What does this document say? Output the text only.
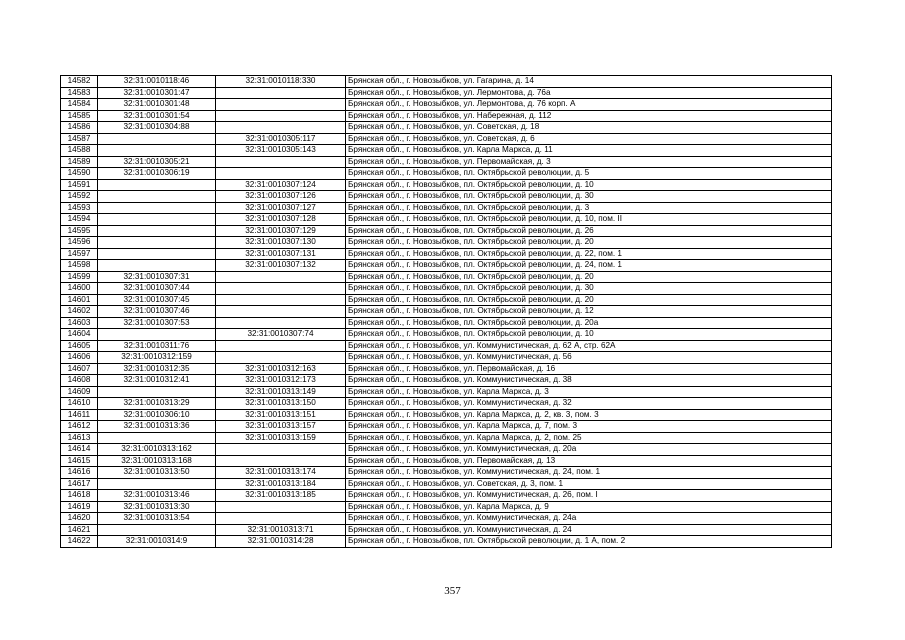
14582	32:31:0010118:46	32:31:0010118:330	Брянская обл., г. Новозыбков, ул. Гагарина, д. 14
14583	32:31:0010301:47		Брянская обл., г. Новозыбков, ул. Лермонтова, д. 76а
14584	32:31:0010301:48		Брянская обл., г. Новозыбков, ул. Лермонтова, д. 76 корп. А
14585	32:31:0010301:54		Брянская обл., г. Новозыбков, ул. Набережная, д. 112
14586	32:31:0010304:88		Брянская обл., г. Новозыбков, ул. Советская, д. 18
14587		32:31:0010305:117	Брянская обл., г. Новозыбков, ул. Советская, д. 6
14588		32:31:0010305:143	Брянская обл., г. Новозыбков, ул. Карла Маркса, д. 11
14589	32:31:0010305:21		Брянская обл., г. Новозыбков, ул. Первомайская, д. 3
14590	32:31:0010306:19		Брянская обл., г. Новозыбков, пл. Октябрьской революции, д. 5
14591		32:31:0010307:124	Брянская обл., г. Новозыбков, пл. Октябрьской революции, д. 10
14592		32:31:0010307:126	Брянская обл., г. Новозыбков, пл. Октябрьской революции, д. 30
14593		32:31:0010307:127	Брянская обл., г. Новозыбков, пл. Октябрьской революции, д. 3
14594		32:31:0010307:128	Брянская обл., г. Новозыбков, пл. Октябрьской революции, д. 10, пом. II
14595		32:31:0010307:129	Брянская обл., г. Новозыбков, пл. Октябрьской революции, д. 26
14596		32:31:0010307:130	Брянская обл., г. Новозыбков, пл. Октябрьской революции, д. 20
14597		32:31:0010307:131	Брянская обл., г. Новозыбков, пл. Октябрьской революции, д. 22, пом. 1
14598		32:31:0010307:132	Брянская обл., г. Новозыбков, пл. Октябрьской революции, д. 24, пом. 1
14599	32:31:0010307:31		Брянская обл., г. Новозыбков, пл. Октябрьской революции, д. 20
14600	32:31:0010307:44		Брянская обл., г. Новозыбков, пл. Октябрьской революции, д. 30
14601	32:31:0010307:45		Брянская обл., г. Новозыбков, пл. Октябрьской революции, д. 20
14602	32:31:0010307:46		Брянская обл., г. Новозыбков, пл. Октябрьской революции, д. 12
14603	32:31:0010307:53		Брянская обл., г. Новозыбков, пл. Октябрьской революции, д. 20а
14604		32:31:0010307:74	Брянская обл., г. Новозыбков, пл. Октябрьской революции, д. 10
14605	32:31:0010311:76		Брянская обл., г. Новозыбков, ул. Коммунистическая, д. 62 А, стр. 62А
14606	32:31:0010312:159		Брянская обл., г. Новозыбков, ул. Коммунистическая, д. 56
14607	32:31:0010312:35	32:31:0010312:163	Брянская обл., г. Новозыбков, ул. Первомайская, д. 16
14608	32:31:0010312:41	32:31:0010312:173	Брянская обл., г. Новозыбков, ул. Коммунистическая, д. 38
14609		32:31:0010313:149	Брянская обл., г. Новозыбков, ул. Карла Маркса, д. 3
14610	32:31:0010313:29	32:31:0010313:150	Брянская обл., г. Новозыбков, ул. Коммунистическая, д. 32
14611	32:31:0010306:10	32:31:0010313:151	Брянская обл., г. Новозыбков, ул. Карла Маркса, д. 2, кв. 3, пом. 3
14612	32:31:0010313:36	32:31:0010313:157	Брянская обл., г. Новозыбков, ул. Карла Маркса, д. 7, пом. 3
14613		32:31:0010313:159	Брянская обл., г. Новозыбков, ул. Карла Маркса, д. 2, пом. 25
14614	32:31:0010313:162		Брянская обл., г. Новозыбков, ул. Коммунистическая, д. 20а
14615	32:31:0010313:168		Брянская обл., г. Новозыбков, ул. Первомайская, д. 13
14616	32:31:0010313:50	32:31:0010313:174	Брянская обл., г. Новозыбков, ул. Коммунистическая, д. 24, пом. 1
14617		32:31:0010313:184	Брянская обл., г. Новозыбков, ул. Советская, д. 3, пом. 1
14618	32:31:0010313:46	32:31:0010313:185	Брянская обл., г. Новозыбков, ул. Коммунистическая, д. 26, пом. I
14619	32:31:0010313:30		Брянская обл., г. Новозыбков, ул. Карла Маркса, д. 9
14620	32:31:0010313:54		Брянская обл., г. Новозыбков, ул. Коммунистическая, д. 24а
14621		32:31:0010313:71	Брянская обл., г. Новозыбков, ул. Коммунистическая, д. 24
14622	32:31:0010314:9	32:31:0010314:28	Брянская обл., г. Новозыбков, пл. Октябрьской революции, д. 1 А, пом. 2
357
